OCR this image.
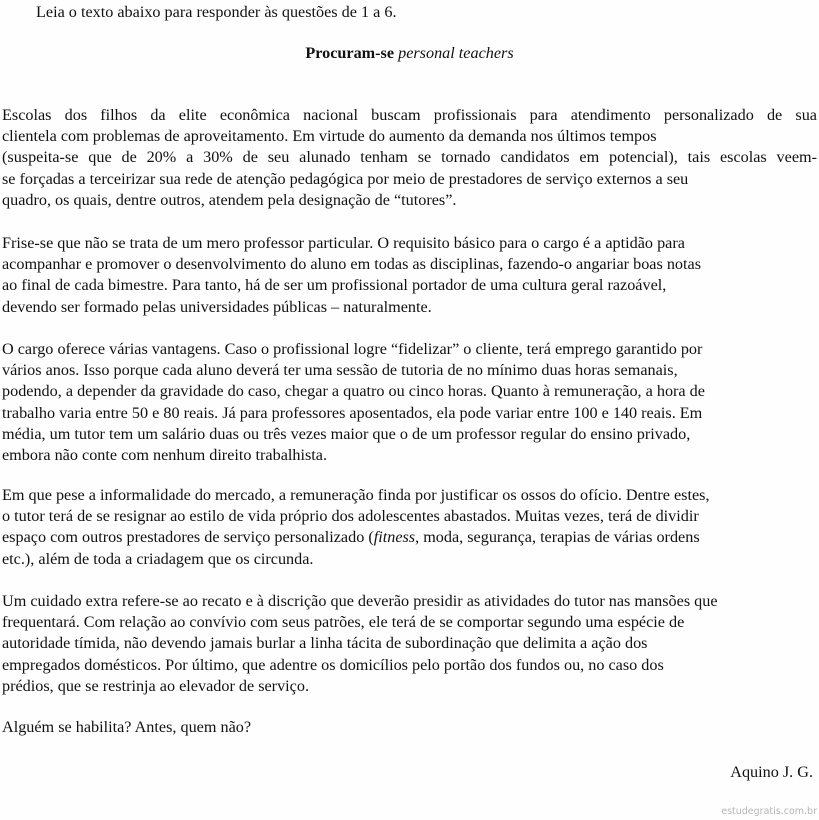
Leia o texto abaixo para responder às questões de 1 a 6.
Procuram-se personal teachers
Escolas dos filhos da elite econômica nacional buscam profissionais para atendimento personalizado de sua
clientela com problemas de aproveitamento. Em virtude do aumento da demanda nos últimos tempos
(suspeita-se que de 20% a 30% de seu alunado tenham se tornado candidatos em potencial), tais escolas veem-
se forçadas a terceirizar sua rede de atenção pedagógica por meio de prestadores de serviço externos a seu
quadro, os quais, dentre outros, atendem pela designação de “tutores”.
Frise-se que não se trata de um mero professor particular. O requisito básico para o cargo é a aptidão para
acompanhar e promover o desenvolvimento do aluno em todas as disciplinas, fazendo-o angariar boas notas
ao final de cada bimestre. Para tanto, há de ser um profissional portador de uma cultura geral razoável,
devendo ser formado pelas universidades públicas – naturalmente.
O cargo oferece várias vantagens. Caso o profissional logre “fidelizar” o cliente, terá emprego garantido por
vários anos. Isso porque cada aluno deverá ter uma sessão de tutoria de no mínimo duas horas semanais,
podendo, a depender da gravidade do caso, chegar a quatro ou cinco horas. Quanto à remuneração, a hora de
trabalho varia entre 50 e 80 reais. Já para professores aposentados, ela pode variar entre 100 e 140 reais. Em
média, um tutor tem um salário duas ou três vezes maior que o de um professor regular do ensino privado,
embora não conte com nenhum direito trabalhista.
Em que pese a informalidade do mercado, a remuneração finda por justificar os ossos do ofício. Dentre estes,
o tutor terá de se resignar ao estilo de vida próprio dos adolescentes abastados. Muitas vezes, terá de dividir
espaço com outros prestadores de serviço personalizado (fitness, moda, segurança, terapias de várias ordens
etc.), além de toda a criadagem que os circunda.
Um cuidado extra refere-se ao recato e à discrição que deverão presidir as atividades do tutor nas mansões que
frequentará. Com relação ao convívio com seus patrões, ele terá de se comportar segundo uma espécie de
autoridade tímida, não devendo jamais burlar a linha tácita de subordinação que delimita a ação dos
empregados domésticos. Por último, que adentre os domicílios pelo portão dos fundos ou, no caso dos
prédios, que se restrinja ao elevador de serviço.
Alguém se habilita? Antes, quem não?
Aquino J. G.
estudegratis.com.br
